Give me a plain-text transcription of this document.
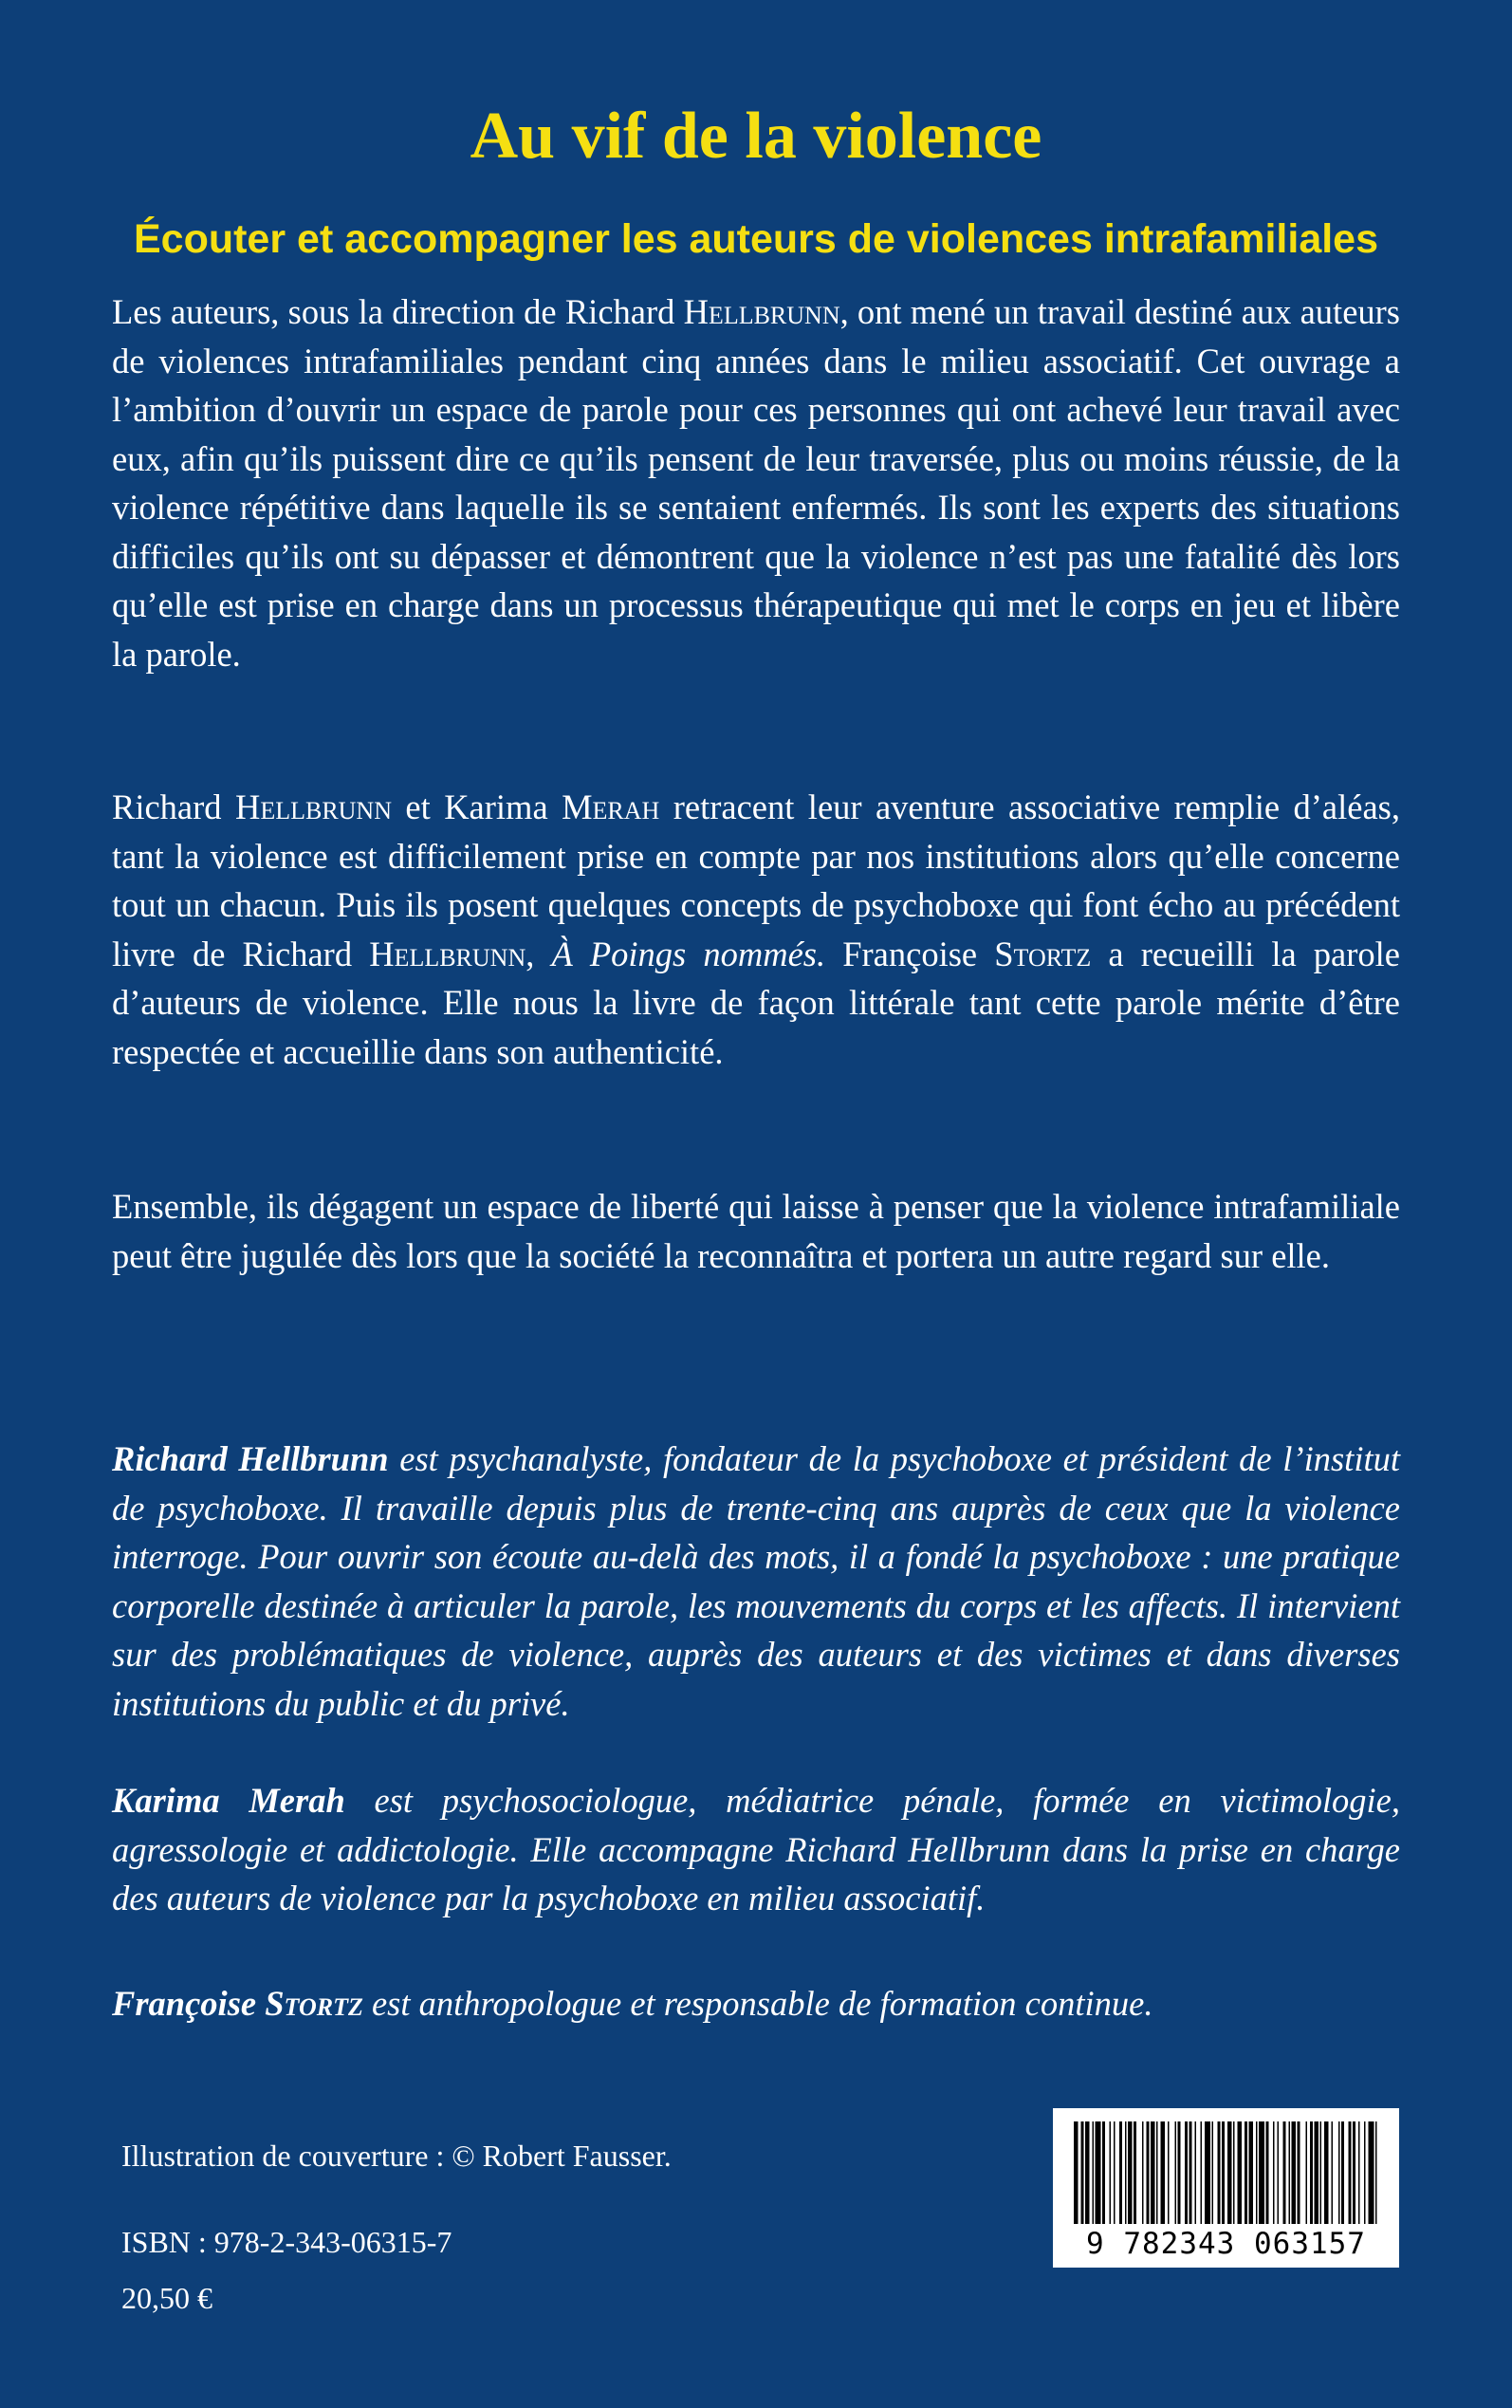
Au vif de la violence
Écouter et accompagner les auteurs de violences intrafamiliales

Les auteurs, sous la direction de Richard Hellbrunn, ont mené un travail destiné aux auteurs de violences intrafamiliales pendant cinq années dans le milieu associatif. Cet ouvrage a l’ambition d’ouvrir un espace de parole pour ces personnes qui ont achevé leur travail avec eux, afin qu’ils puissent dire ce qu’ils pensent de leur traversée, plus ou moins réussie, de la violence répétitive dans laquelle ils se sentaient enfermés. Ils sont les experts des situations difficiles qu’ils ont su dépasser et démontrent que la violence n’est pas une fatalité dès lors qu’elle est prise en charge dans un processus thérapeutique qui met le corps en jeu et libère la parole.

Richard Hellbrunn et Karima Merah retracent leur aventure associative remplie d’aléas, tant la violence est difficilement prise en compte par nos institutions alors qu’elle concerne tout un chacun. Puis ils posent quelques concepts de psychoboxe qui font écho au précédent livre de Richard Hellbrunn, À Poings nommés. Françoise Stortz a recueilli la parole d’auteurs de violence. Elle nous la livre de façon littérale tant cette parole mérite d’être respectée et accueillie dans son authenticité.

Ensemble, ils dégagent un espace de liberté qui laisse à penser que la violence intrafamiliale peut être jugulée dès lors que la société la reconnaîtra et portera un autre regard sur elle.

Richard Hellbrunn est psychanalyste, fondateur de la psychoboxe et président de l’institut de psychoboxe. Il travaille depuis plus de trente-cinq ans auprès de ceux que la violence interroge. Pour ouvrir son écoute au-delà des mots, il a fondé la psychoboxe : une pratique corporelle destinée à articuler la parole, les mouvements du corps et les affects. Il intervient sur des problématiques de violence, auprès des auteurs et des victimes et dans diverses institutions du public et du privé.

Karima Merah est psychosociologue, médiatrice pénale, formée en victimologie, agressologie et addictologie. Elle accompagne Richard Hellbrunn dans la prise en charge des auteurs de violence par la psychoboxe en milieu associatif.

Françoise Stortz est anthropologue et responsable de formation continue.

Illustration de couverture : © Robert Fausser.
ISBN : 978-2-343-06315-7
20,50 €
9 782343 063157
